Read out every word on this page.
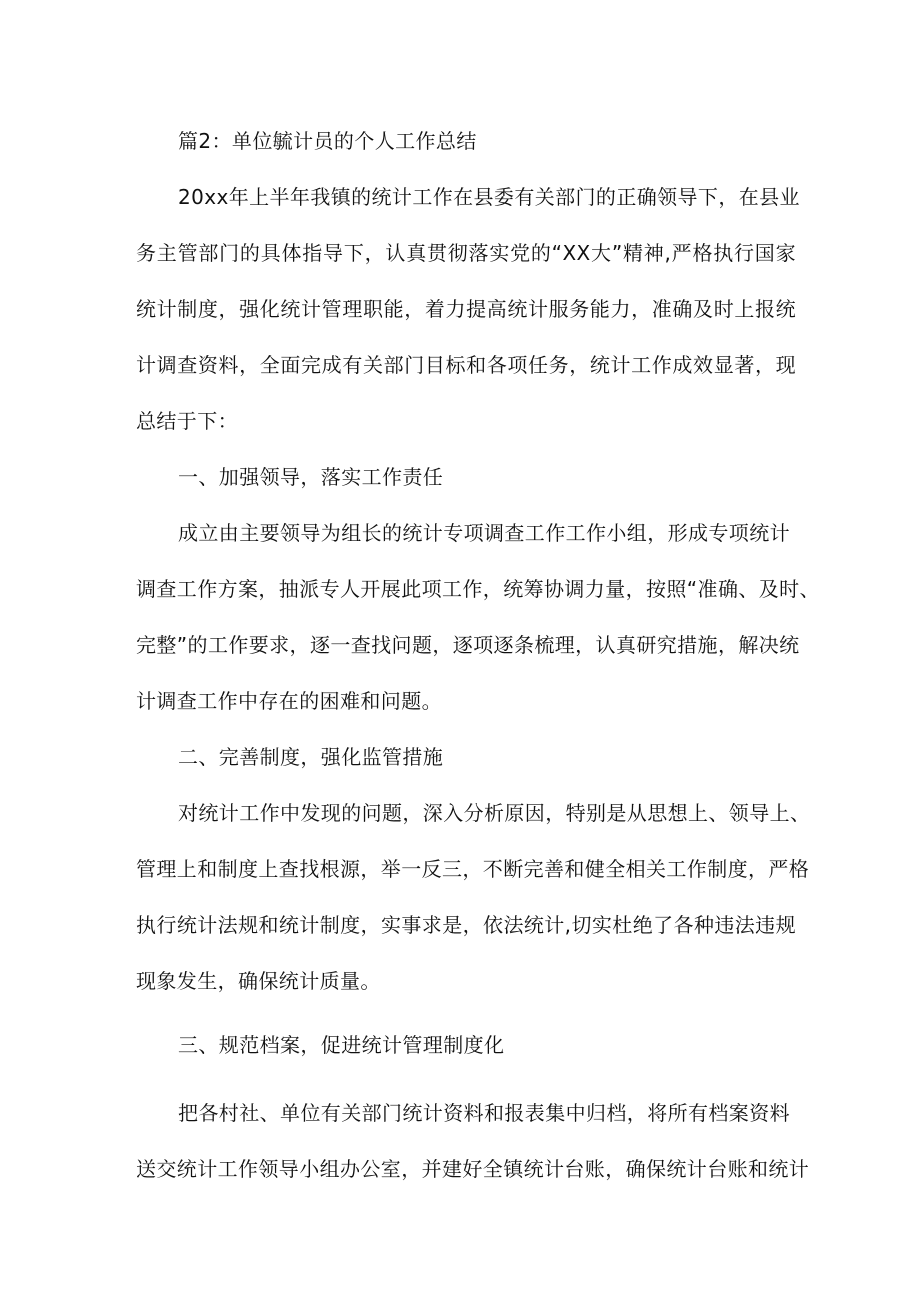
篇2：单位毓计员的个人工作总结
20xx年上半年我镇的统计工作在县委有关部门的正确领导下，在县业
务主管部门的具体指导下，认真贯彻落实党的“XX大”精神,严格执行国家
统计制度，强化统计管理职能，着力提高统计服务能力，准确及时上报统
计调查资料，全面完成有关部门目标和各项任务，统计工作成效显著，现
总结于下：
一、加强领导，落实工作责任
成立由主要领导为组长的统计专项调查工作工作小组，形成专项统计
调查工作方案，抽派专人开展此项工作，统筹协调力量，按照“准确、及时、
完整”的工作要求，逐一查找问题，逐项逐条梳理，认真研究措施，解决统
计调查工作中存在的困难和问题。
二、完善制度，强化监管措施
对统计工作中发现的问题，深入分析原因，特别是从思想上、领导上、
管理上和制度上查找根源，举一反三，不断完善和健全相关工作制度，严格
执行统计法规和统计制度，实事求是，依法统计,切实杜绝了各种违法违规
现象发生，确保统计质量。
三、规范档案，促进统计管理制度化
把各村社、单位有关部门统计资料和报表集中归档，将所有档案资料
送交统计工作领导小组办公室，并建好全镇统计台账，确保统计台账和统计
